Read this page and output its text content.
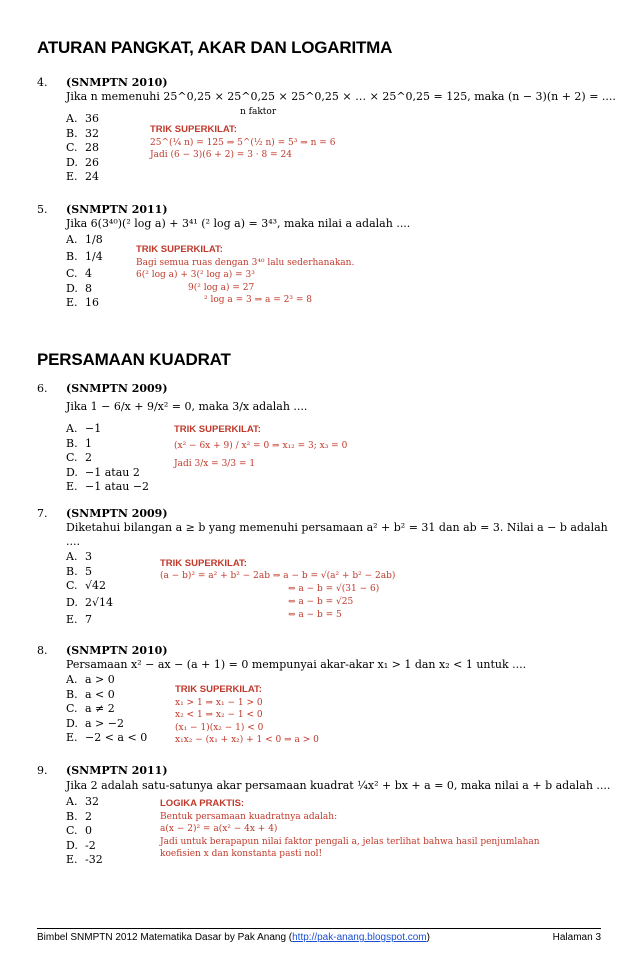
ATURAN PANGKAT, AKAR DAN LOGARITMA
4. (SNMPTN 2010)
Jika n memenuhi 25^0,25 × 25^0,25 × 25^0,25 × … × 25^0,25 = 125, maka (n − 3)(n + 2) = ....
n faktor
A. 36
B. 32
C. 28
D. 26
E. 24
TRIK SUPERKILAT:
25^(¼ n) = 125 ⇒ 5^(½ n) = 5³ ⇒ n = 6
Jadi (6 − 3)(6 + 2) = 3 · 8 = 24
5. (SNMPTN 2011)
Jika 6(3⁴⁰)(² log a) + 3⁴¹ (² log a) = 3⁴³, maka nilai a adalah ....
A. 1/8
B. 1/4
C. 4
D. 8
E. 16
TRIK SUPERKILAT:
Bagi semua ruas dengan 3⁴⁰ lalu sederhanakan.
6(² log a) + 3(² log a) = 3³
9(² log a) = 27
² log a = 3 ⇒ a = 2³ = 8
PERSAMAAN KUADRAT
6. (SNMPTN 2009)
Jika 1 − 6/x + 9/x² = 0, maka 3/x adalah ....
A. −1
B. 1
C. 2
D. −1 atau 2
E. −1 atau −2
TRIK SUPERKILAT:
(x² − 6x + 9) / x² = 0 ⇒ x₁₂ = 3; x₃ = 0
Jadi 3/x = 3/3 = 1
7. (SNMPTN 2009)
Diketahui bilangan a ≥ b yang memenuhi persamaan a² + b² = 31 dan ab = 3. Nilai a − b adalah
....
A. 3
B. 5
C. √42
D. 2√14
E. 7
TRIK SUPERKILAT:
(a − b)² = a² + b² − 2ab ⇒ a − b = √(a² + b² − 2ab)
⇔ a − b = √(31 − 6)
⇔ a − b = √25
⇔ a − b = 5
8. (SNMPTN 2010)
Persamaan x² − ax − (a + 1) = 0 mempunyai akar-akar x₁ > 1 dan x₂ < 1 untuk ....
A. a > 0
B. a < 0
C. a ≠ 2
D. a > −2
E. −2 < a < 0
TRIK SUPERKILAT:
x₁ > 1 ⇒ x₁ − 1 > 0
x₂ < 1 ⇒ x₂ − 1 < 0
(x₁ − 1)(x₂ − 1) < 0
x₁x₂ − (x₁ + x₂) + 1 < 0 ⇒ a > 0
9. (SNMPTN 2011)
Jika 2 adalah satu-satunya akar persamaan kuadrat ¼x² + bx + a = 0, maka nilai a + b adalah ....
A. 32
B. 2
C. 0
D. -2
E. -32
LOGIKA PRAKTIS:
Bentuk persamaan kuadratnya adalah:
a(x − 2)² = a(x² − 4x + 4)
Jadi untuk berapapun nilai faktor pengali a, jelas terlihat bahwa hasil penjumlahan
koefisien x dan konstanta pasti nol!
Bimbel SNMPTN 2012 Matematika Dasar by Pak Anang (http://pak-anang.blogspot.com)	Halaman 3
